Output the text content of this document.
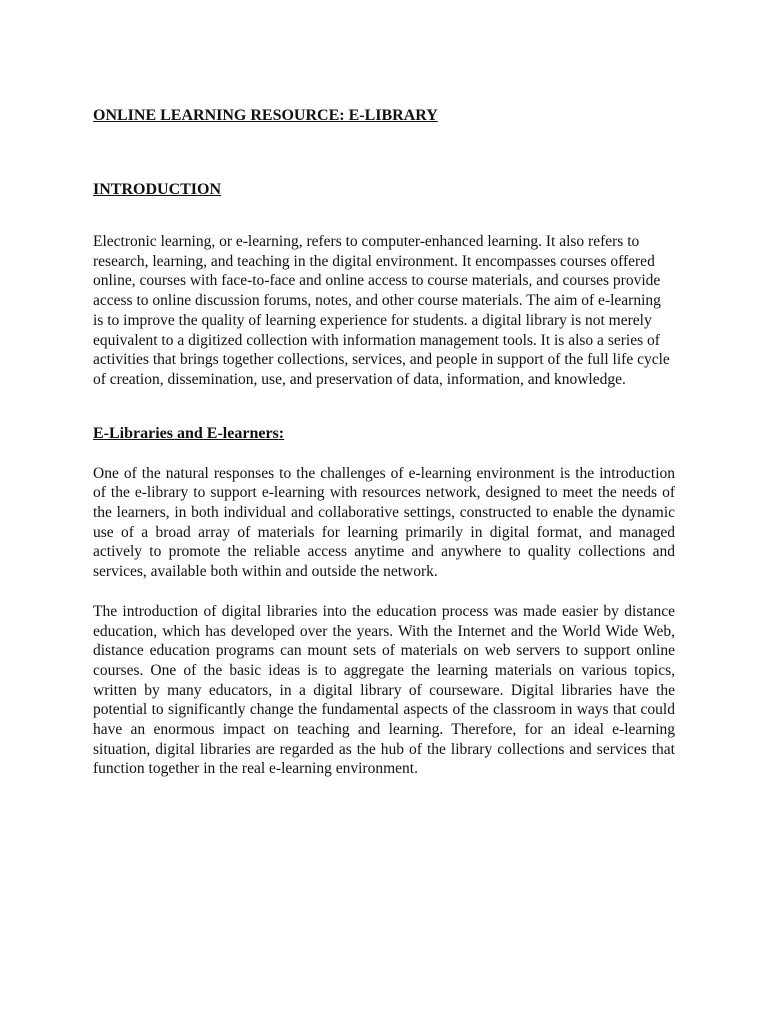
ONLINE LEARNING RESOURCE: E-LIBRARY
INTRODUCTION

Electronic learning, or e-learning, refers to computer-enhanced learning. It also refers to research, learning, and teaching in the digital environment. It encompasses courses offered online, courses with face-to-face and online access to course materials, and courses provide access to online discussion forums, notes, and other course materials. The aim of e-learning is to improve the quality of learning experience for students. a digital library is not merely equivalent to a digitized collection with information management tools. It is also a series of activities that brings together collections, services, and people in support of the full life cycle of creation, dissemination, use, and preservation of data, information, and knowledge.

E-Libraries and E-learners:

One of the natural responses to the challenges of e-learning environment is the introduction of the e-library to support e-learning with resources network, designed to meet the needs of the learners, in both individual and collaborative settings, constructed to enable the dynamic use of a broad array of materials for learning primarily in digital format, and managed actively to promote the reliable access anytime and anywhere to quality collections and services, available both within and outside the network.

The introduction of digital libraries into the education process was made easier by distance education, which has developed over the years. With the Internet and the World Wide Web, distance education programs can mount sets of materials on web servers to support online courses. One of the basic ideas is to aggregate the learning materials on various topics, written by many educators, in a digital library of courseware. Digital libraries have the potential to significantly change the fundamental aspects of the classroom in ways that could have an enormous impact on teaching and learning. Therefore, for an ideal e-learning situation, digital libraries are regarded as the hub of the library collections and services that function together in the real e-learning environment.
